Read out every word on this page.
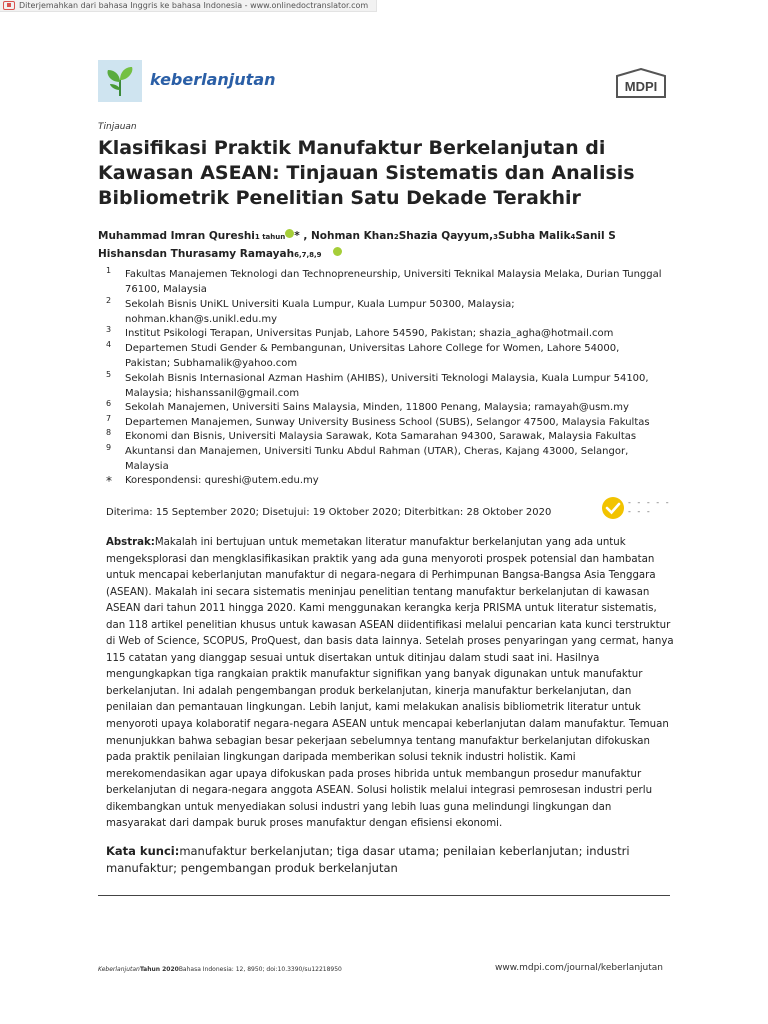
Diterjemahkan dari bahasa Inggris ke bahasa Indonesia - www.onlinedoctranslator.com
keberlanjutan	MDPI
Tinjauan
Klasifikasi Praktik Manufaktur Berkelanjutan di Kawasan ASEAN: Tinjauan Sistematis dan Analisis Bibliometrik Penelitian Satu Dekade Terakhir
Muhammad Imran Qureshi1 tahun * , Nohman Khan2Shazia Qayyum,3Subha Malik4Sanil S Hishansdan Thurasamy Ramayah6,7,8,9
1 Fakultas Manajemen Teknologi dan Technopreneurship, Universiti Teknikal Malaysia Melaka, Durian Tunggal 76100, Malaysia
2 Sekolah Bisnis UniKL Universiti Kuala Lumpur, Kuala Lumpur 50300, Malaysia; nohman.khan@s.unikl.edu.my
3 Institut Psikologi Terapan, Universitas Punjab, Lahore 54590, Pakistan; shazia_agha@hotmail.com
4 Departemen Studi Gender & Pembangunan, Universitas Lahore College for Women, Lahore 54000, Pakistan; Subhamalik@yahoo.com
5 Sekolah Bisnis Internasional Azman Hashim (AHIBS), Universiti Teknologi Malaysia, Kuala Lumpur 54100, Malaysia; hishanssanil@gmail.com
6 Sekolah Manajemen, Universiti Sains Malaysia, Minden, 11800 Penang, Malaysia; ramayah@usm.my
7 Departemen Manajemen, Sunway University Business School (SUBS), Selangor 47500, Malaysia Fakultas
8 Ekonomi dan Bisnis, Universiti Malaysia Sarawak, Kota Samarahan 94300, Sarawak, Malaysia Fakultas
9 Akuntansi dan Manajemen, Universiti Tunku Abdul Rahman (UTAR), Cheras, Kajang 43000, Selangor, Malaysia
* Korespondensi: qureshi@utem.edu.my
Diterima: 15 September 2020; Disetujui: 19 Oktober 2020; Diterbitkan: 28 Oktober 2020
- - - - -
- - -
Abstrak:Makalah ini bertujuan untuk memetakan literatur manufaktur berkelanjutan yang ada untuk mengeksplorasi dan mengklasifikasikan praktik yang ada guna menyoroti prospek potensial dan hambatan untuk mencapai keberlanjutan manufaktur di negara-negara di Perhimpunan Bangsa-Bangsa Asia Tenggara (ASEAN). Makalah ini secara sistematis meninjau penelitian tentang manufaktur berkelanjutan di kawasan ASEAN dari tahun 2011 hingga 2020. Kami menggunakan kerangka kerja PRISMA untuk literatur sistematis, dan 118 artikel penelitian khusus untuk kawasan ASEAN diidentifikasi melalui pencarian kata kunci terstruktur di Web of Science, SCOPUS, ProQuest, dan basis data lainnya. Setelah proses penyaringan yang cermat, hanya 115 catatan yang dianggap sesuai untuk disertakan untuk ditinjau dalam studi saat ini. Hasilnya mengungkapkan tiga rangkaian praktik manufaktur signifikan yang banyak digunakan untuk manufaktur berkelanjutan. Ini adalah pengembangan produk berkelanjutan, kinerja manufaktur berkelanjutan, dan penilaian dan pemantauan lingkungan. Lebih lanjut, kami melakukan analisis bibliometrik literatur untuk menyoroti upaya kolaboratif negara-negara ASEAN untuk mencapai keberlanjutan dalam manufaktur. Temuan menunjukkan bahwa sebagian besar pekerjaan sebelumnya tentang manufaktur berkelanjutan difokuskan pada praktik penilaian lingkungan daripada memberikan solusi teknik industri holistik. Kami merekomendasikan agar upaya difokuskan pada proses hibrida untuk membangun prosedur manufaktur berkelanjutan di negara-negara anggota ASEAN. Solusi holistik melalui integrasi pemrosesan industri perlu dikembangkan untuk menyediakan solusi industri yang lebih luas guna melindungi lingkungan dan masyarakat dari dampak buruk proses manufaktur dengan efisiensi ekonomi.
Kata kunci:manufaktur berkelanjutan; tiga dasar utama; penilaian keberlanjutan; industri manufaktur; pengembangan produk berkelanjutan
KeberlanjutanTahun 2020Bahasa Indonesia: 12, 8950; doi:10.3390/su12218950	www.mdpi.com/journal/keberlanjutan
